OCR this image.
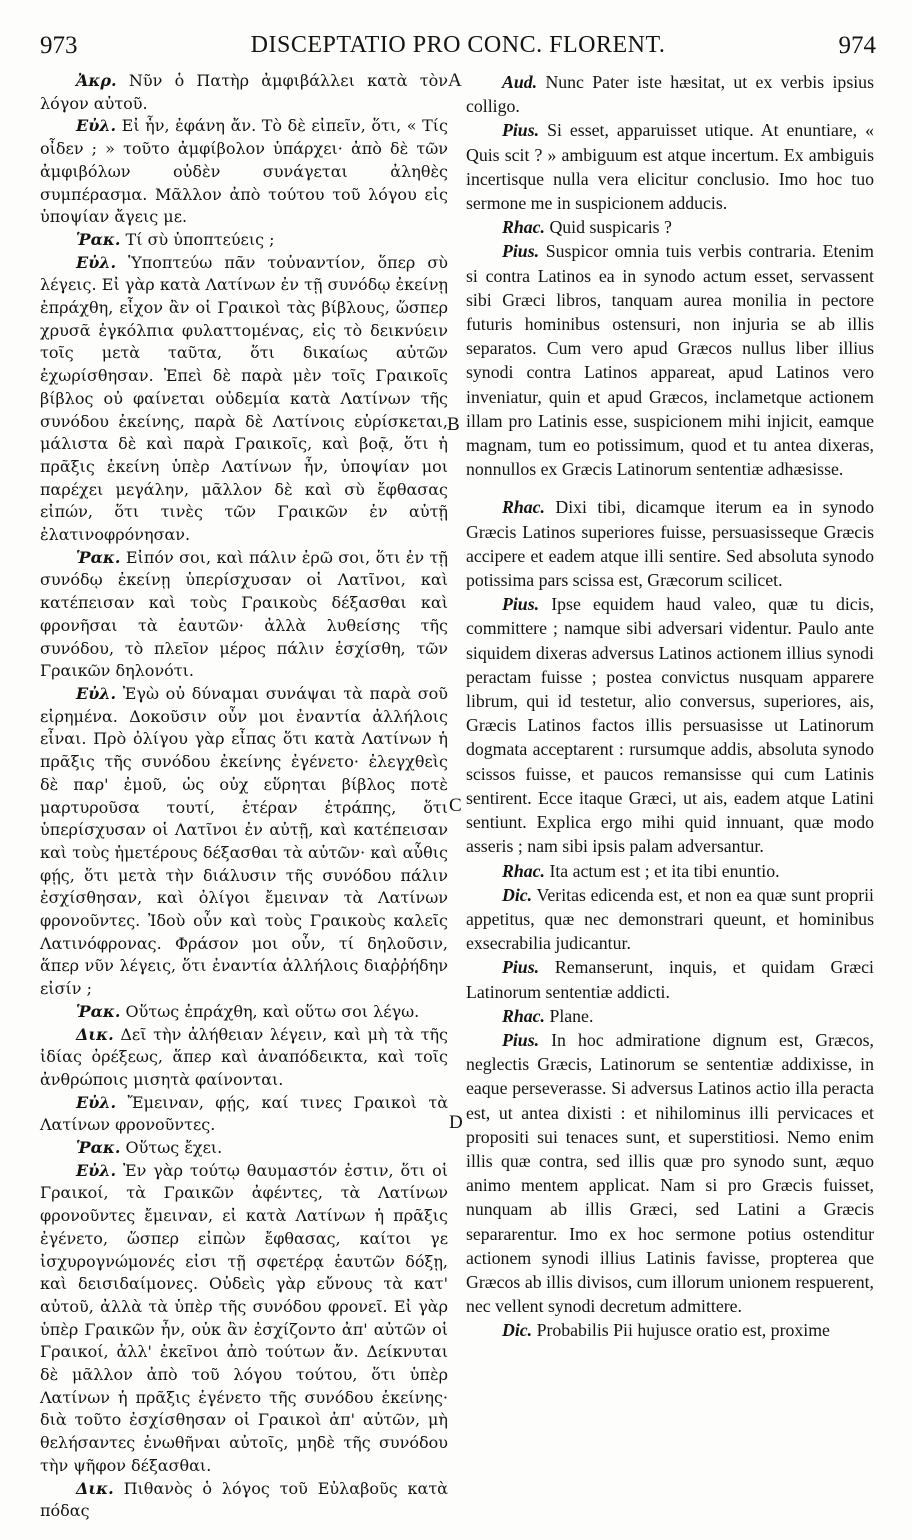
973	DISCEPTATIO PRO CONC. FLORENT.	974
A
B
C
D

Ἀκρ. Νῦν ὁ Πατὴρ ἀμφιβάλλει κατὰ τὸν λόγον αὐτοῦ.

Εὐλ. Εἰ ἦν, ἐφάνη ἄν. Τὸ δὲ εἰπεῖν, ὅτι, « Τίς οἶδεν ; » τοῦτο ἀμφίβολον ὑπάρχει· ἀπὸ δὲ τῶν ἀμφιβόλων οὐδὲν συνάγεται ἀληθὲς συμπέρασμα. Μᾶλλον ἀπὸ τούτου τοῦ λόγου εἰς ὑποψίαν ἄγεις με.

Ῥακ. Τί σὺ ὑποπτεύεις ;

Εὐλ. Ὑποπτεύω πᾶν τοὐναντίον, ὅπερ σὺ λέγεις. Εἰ γὰρ κατὰ Λατίνων ἐν τῇ συνόδῳ ἐκείνῃ ἐπράχθη, εἶχον ἂν οἱ Γραικοὶ τὰς βίβλους, ὥσπερ χρυσᾶ ἐγκόλπια φυλαττομένας, εἰς τὸ δεικνύειν τοῖς μετὰ ταῦτα, ὅτι δικαίως αὐτῶν ἐχωρίσθησαν. Ἐπεὶ δὲ παρὰ μὲν τοῖς Γραικοῖς βίβλος οὐ φαίνεται οὐδεμία κατὰ Λατίνων τῆς συνόδου ἐκείνης, παρὰ δὲ Λατίνοις εὑρίσκεται, μάλιστα δὲ καὶ παρὰ Γραικοῖς, καὶ βοᾷ, ὅτι ἡ πρᾶξις ἐκείνη ὑπὲρ Λατίνων ἦν, ὑποψίαν μοι παρέχει μεγάλην, μᾶλλον δὲ καὶ σὺ ἔφθασας εἰπών, ὅτι τινὲς τῶν Γραικῶν ἐν αὐτῇ ἐλατινοφρόνησαν.

Ῥακ. Εἰπόν σοι, καὶ πάλιν ἐρῶ σοι, ὅτι ἐν τῇ συνόδῳ ἐκείνῃ ὑπερίσχυσαν οἱ Λατῖνοι, καὶ κατέπεισαν καὶ τοὺς Γραικοὺς δέξασθαι καὶ φρονῆσαι τὰ ἑαυτῶν· ἀλλὰ λυθείσης τῆς συνόδου, τὸ πλεῖον μέρος πάλιν ἐσχίσθη, τῶν Γραικῶν δηλονότι.

Εὐλ. Ἐγὼ οὐ δύναμαι συνάψαι τὰ παρὰ σοῦ εἰρημένα. Δοκοῦσιν οὖν μοι ἐναντία ἀλλήλοις εἶναι. Πρὸ ὀλίγου γὰρ εἶπας ὅτι κατὰ Λατίνων ἡ πρᾶξις τῆς συνόδου ἐκείνης ἐγένετο· ἐλεγχθεὶς δὲ παρ' ἐμοῦ, ὡς οὐχ εὕρηται βίβλος ποτὲ μαρτυροῦσα τουτί, ἑτέραν ἐτράπης, ὅτι ὑπερίσχυσαν οἱ Λατῖνοι ἐν αὐτῇ, καὶ κατέπεισαν καὶ τοὺς ἡμετέρους δέξασθαι τὰ αὐτῶν· καὶ αὖθις φῄς, ὅτι μετὰ τὴν διάλυσιν τῆς συνόδου πάλιν ἐσχίσθησαν, καὶ ὀλίγοι ἔμειναν τὰ Λατίνων φρονοῦντες. Ἰδοὺ οὖν καὶ τοὺς Γραικοὺς καλεῖς Λατινόφρονας. Φράσον μοι οὖν, τί δηλοῦσιν, ἅπερ νῦν λέγεις, ὅτι ἐναντία ἀλλήλοις διαῤῥήδην εἰσίν ;

Ῥακ. Οὕτως ἐπράχθη, καὶ οὕτω σοι λέγω.

Δικ. Δεῖ τὴν ἀλήθειαν λέγειν, καὶ μὴ τὰ τῆς ἰδίας ὀρέξεως, ἅπερ καὶ ἀναπόδεικτα, καὶ τοῖς ἀνθρώποις μισητὰ φαίνονται.

Εὐλ. Ἔμειναν, φῄς, καί τινες Γραικοὶ τὰ Λατίνων φρονοῦντες.

Ῥακ. Οὕτως ἔχει.

Εὐλ. Ἐν γὰρ τούτῳ θαυμαστόν ἐστιν, ὅτι οἱ Γραικοί, τὰ Γραικῶν ἀφέντες, τὰ Λατίνων φρονοῦντες ἔμειναν, εἰ κατὰ Λατίνων ἡ πρᾶξις ἐγένετο, ὥσπερ εἰπὼν ἔφθασας, καίτοι γε ἰσχυρογνώμονές εἰσι τῇ σφετέρᾳ ἑαυτῶν δόξῃ, καὶ δεισιδαίμονες. Οὐδεὶς γὰρ εὔνους τὰ κατ' αὐτοῦ, ἀλλὰ τὰ ὑπὲρ τῆς συνόδου φρονεῖ. Εἰ γὰρ ὑπὲρ Γραικῶν ἦν, οὐκ ἂν ἐσχίζοντο ἀπ' αὐτῶν οἱ Γραικοί, ἀλλ' ἐκεῖνοι ἀπὸ τούτων ἄν. Δείκνυται δὲ μᾶλλον ἀπὸ τοῦ λόγου τούτου, ὅτι ὑπὲρ Λατίνων ἡ πρᾶξις ἐγένετο τῆς συνόδου ἐκείνης· διὰ τοῦτο ἐσχίσθησαν οἱ Γραικοὶ ἀπ' αὐτῶν, μὴ θελήσαντες ἑνωθῆναι αὐτοῖς, μηδὲ τῆς συνόδου τὴν ψῆφον δέξασθαι.

Δικ. Πιθανὸς ὁ λόγος τοῦ Εὐλαβοῦς κατὰ πόδας

Aud. Nunc Pater iste hæsitat, ut ex verbis ipsius colligo.

Pius. Si esset, apparuisset utique. At enuntiare, « Quis scit ? » ambiguum est atque incertum. Ex ambiguis incertisque nulla vera elicitur conclusio. Imo hoc tuo sermone me in suspicionem adducis.

Rhac. Quid suspicaris ?

Pius. Suspicor omnia tuis verbis contraria. Etenim si contra Latinos ea in synodo actum esset, servassent sibi Græci libros, tanquam aurea monilia in pectore futuris hominibus ostensuri, non injuria se ab illis separatos. Cum vero apud Græcos nullus liber illius synodi contra Latinos appareat, apud Latinos vero inveniatur, quin et apud Græcos, inclametque actionem illam pro Latinis esse, suspicionem mihi injicit, eamque magnam, tum eo potissimum, quod et tu antea dixeras, nonnullos ex Græcis Latinorum sententiæ adhæsisse.

Rhac. Dixi tibi, dicamque iterum ea in synodo Græcis Latinos superiores fuisse, persuasisseque Græcis accipere et eadem atque illi sentire. Sed absoluta synodo potissima pars scissa est, Græcorum scilicet.

Pius. Ipse equidem haud valeo, quæ tu dicis, committere ; namque sibi adversari videntur. Paulo ante siquidem dixeras adversus Latinos actionem illius synodi peractam fuisse ; postea convictus nusquam apparere librum, qui id testetur, alio conversus, superiores, ais, Græcis Latinos factos illis persuasisse ut Latinorum dogmata acceptarent : rursumque addis, absoluta synodo scissos fuisse, et paucos remansisse qui cum Latinis sentirent. Ecce itaque Græci, ut ais, eadem atque Latini sentiunt. Explica ergo mihi quid innuant, quæ modo asseris ; nam sibi ipsis palam adversantur.

Rhac. Ita actum est ; et ita tibi enuntio.

Dic. Veritas edicenda est, et non ea quæ sunt proprii appetitus, quæ nec demonstrari queunt, et hominibus exsecrabilia judicantur.

Pius. Remanserunt, inquis, et quidam Græci Latinorum sententiæ addicti.

Rhac. Plane.

Pius. In hoc admiratione dignum est, Græcos, neglectis Græcis, Latinorum se sententiæ addixisse, in eaque perseverasse. Si adversus Latinos actio illa peracta est, ut antea dixisti : et nihilominus illi pervicaces et propositi sui tenaces sunt, et superstitiosi. Nemo enim illis quæ contra, sed illis quæ pro synodo sunt, æquo animo mentem applicat. Nam si pro Græcis fuisset, nunquam ab illis Græci, sed Latini a Græcis separarentur. Imo ex hoc sermone potius ostenditur actionem synodi illius Latinis favisse, propterea que Græcos ab illis divisos, cum illorum unionem respuerent, nec vellent synodi decretum admittere.

Dic. Probabilis Pii hujusce oratio est, proxime
